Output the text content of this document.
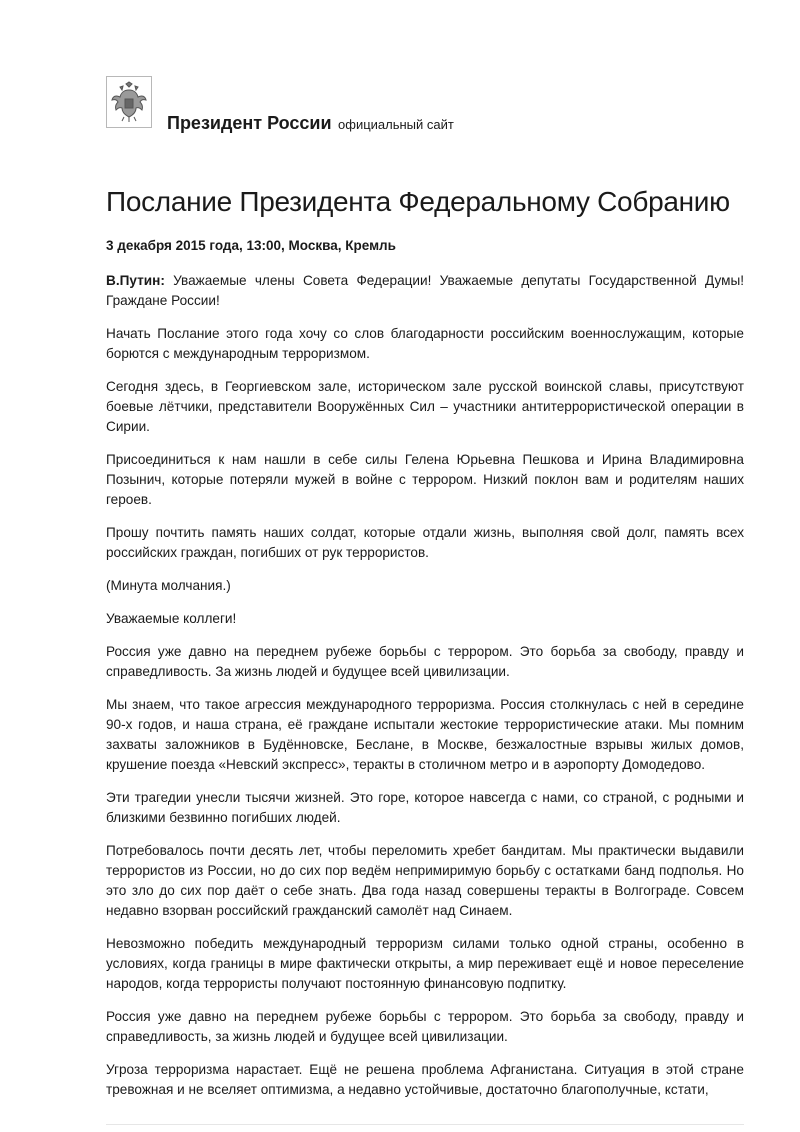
Президент России официальный сайт
Послание Президента Федеральному Собранию
3 декабря 2015 года, 13:00, Москва, Кремль

В.Путин: Уважаемые члены Совета Федерации! Уважаемые депутаты Государственной Думы! Граждане России!

Начать Послание этого года хочу со слов благодарности российским военнослужащим, которые борются с международным терроризмом.

Сегодня здесь, в Георгиевском зале, историческом зале русской воинской славы, присутствуют боевые лётчики, представители Вооружённых Сил – участники антитеррористической операции в Сирии.

Присоединиться к нам нашли в себе силы Гелена Юрьевна Пешкова и Ирина Владимировна Позынич, которые потеряли мужей в войне с террором. Низкий поклон вам и родителям наших героев.

Прошу почтить память наших солдат, которые отдали жизнь, выполняя свой долг, память всех российских граждан, погибших от рук террористов.

(Минута молчания.)

Уважаемые коллеги!

Россия уже давно на переднем рубеже борьбы с террором. Это борьба за свободу, правду и справедливость. За жизнь людей и будущее всей цивилизации.

Мы знаем, что такое агрессия международного терроризма. Россия столкнулась с ней в середине 90-х годов, и наша страна, её граждане испытали жестокие террористические атаки. Мы помним захваты заложников в Будённовске, Беслане, в Москве, безжалостные взрывы жилых домов, крушение поезда «Невский экспресс», теракты в столичном метро и в аэропорту Домодедово.

Эти трагедии унесли тысячи жизней. Это горе, которое навсегда с нами, со страной, с родными и близкими безвинно погибших людей.

Потребовалось почти десять лет, чтобы переломить хребет бандитам. Мы практически выдавили террористов из России, но до сих пор ведём непримиримую борьбу с остатками банд подполья. Но это зло до сих пор даёт о себе знать. Два года назад совершены теракты в Волгограде. Совсем недавно взорван российский гражданский самолёт над Синаем.

Невозможно победить международный терроризм силами только одной страны, особенно в условиях, когда границы в мире фактически открыты, а мир переживает ещё и новое переселение народов, когда террористы получают постоянную финансовую подпитку.

Россия уже давно на переднем рубеже борьбы с террором. Это борьба за свободу, правду и справедливость, за жизнь людей и будущее всей цивилизации.

Угроза терроризма нарастает. Ещё не решена проблема Афганистана. Ситуация в этой стране тревожная и не вселяет оптимизма, а недавно устойчивые, достаточно благополучные, кстати,
